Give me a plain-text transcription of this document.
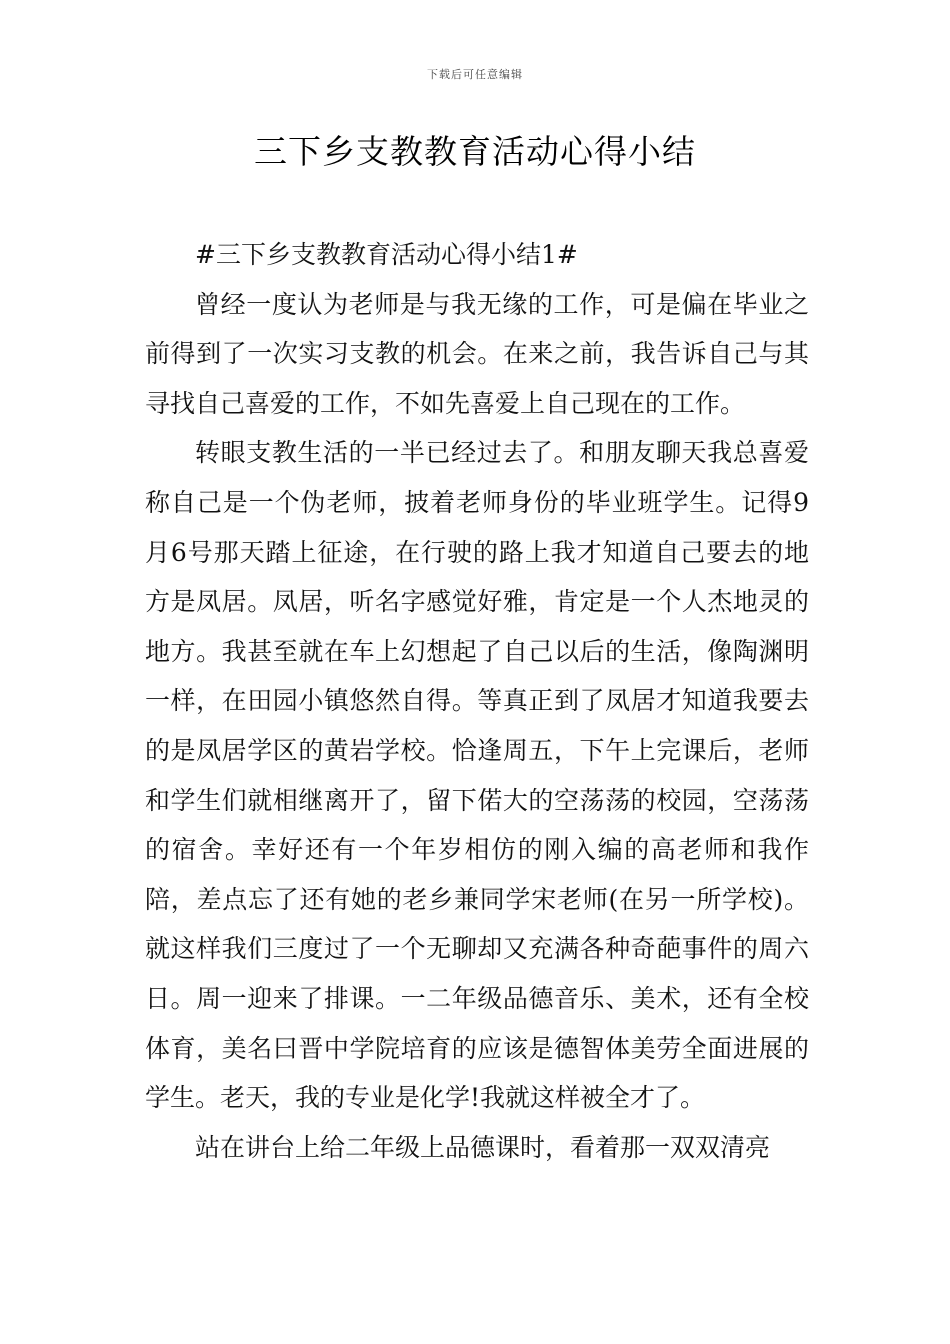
下载后可任意编辑
三下乡支教教育活动心得小结

#三下乡支教教育活动心得小结1#

曾经一度认为老师是与我无缘的工作，可是偏在毕业之前得到了一次实习支教的机会。在来之前，我告诉自己与其寻找自己喜爱的工作，不如先喜爱上自己现在的工作。

转眼支教生活的一半已经过去了。和朋友聊天我总喜爱称自己是一个伪老师，披着老师身份的毕业班学生。记得9月6号那天踏上征途，在行驶的路上我才知道自己要去的地方是凤居。凤居，听名字感觉好雅，肯定是一个人杰地灵的地方。我甚至就在车上幻想起了自己以后的生活，像陶渊明一样，在田园小镇悠然自得。等真正到了凤居才知道我要去的是凤居学区的黄岩学校。恰逢周五，下午上完课后，老师和学生们就相继离开了，留下偌大的空荡荡的校园，空荡荡的宿舍。幸好还有一个年岁相仿的刚入编的高老师和我作陪，差点忘了还有她的老乡兼同学宋老师(在另一所学校)。就这样我们三度过了一个无聊却又充满各种奇葩事件的周六日。周一迎来了排课。一二年级品德音乐、美术，还有全校体育，美名曰晋中学院培育的应该是德智体美劳全面进展的学生。老天，我的专业是化学!我就这样被全才了。

站在讲台上给二年级上品德课时，看着那一双双清亮
